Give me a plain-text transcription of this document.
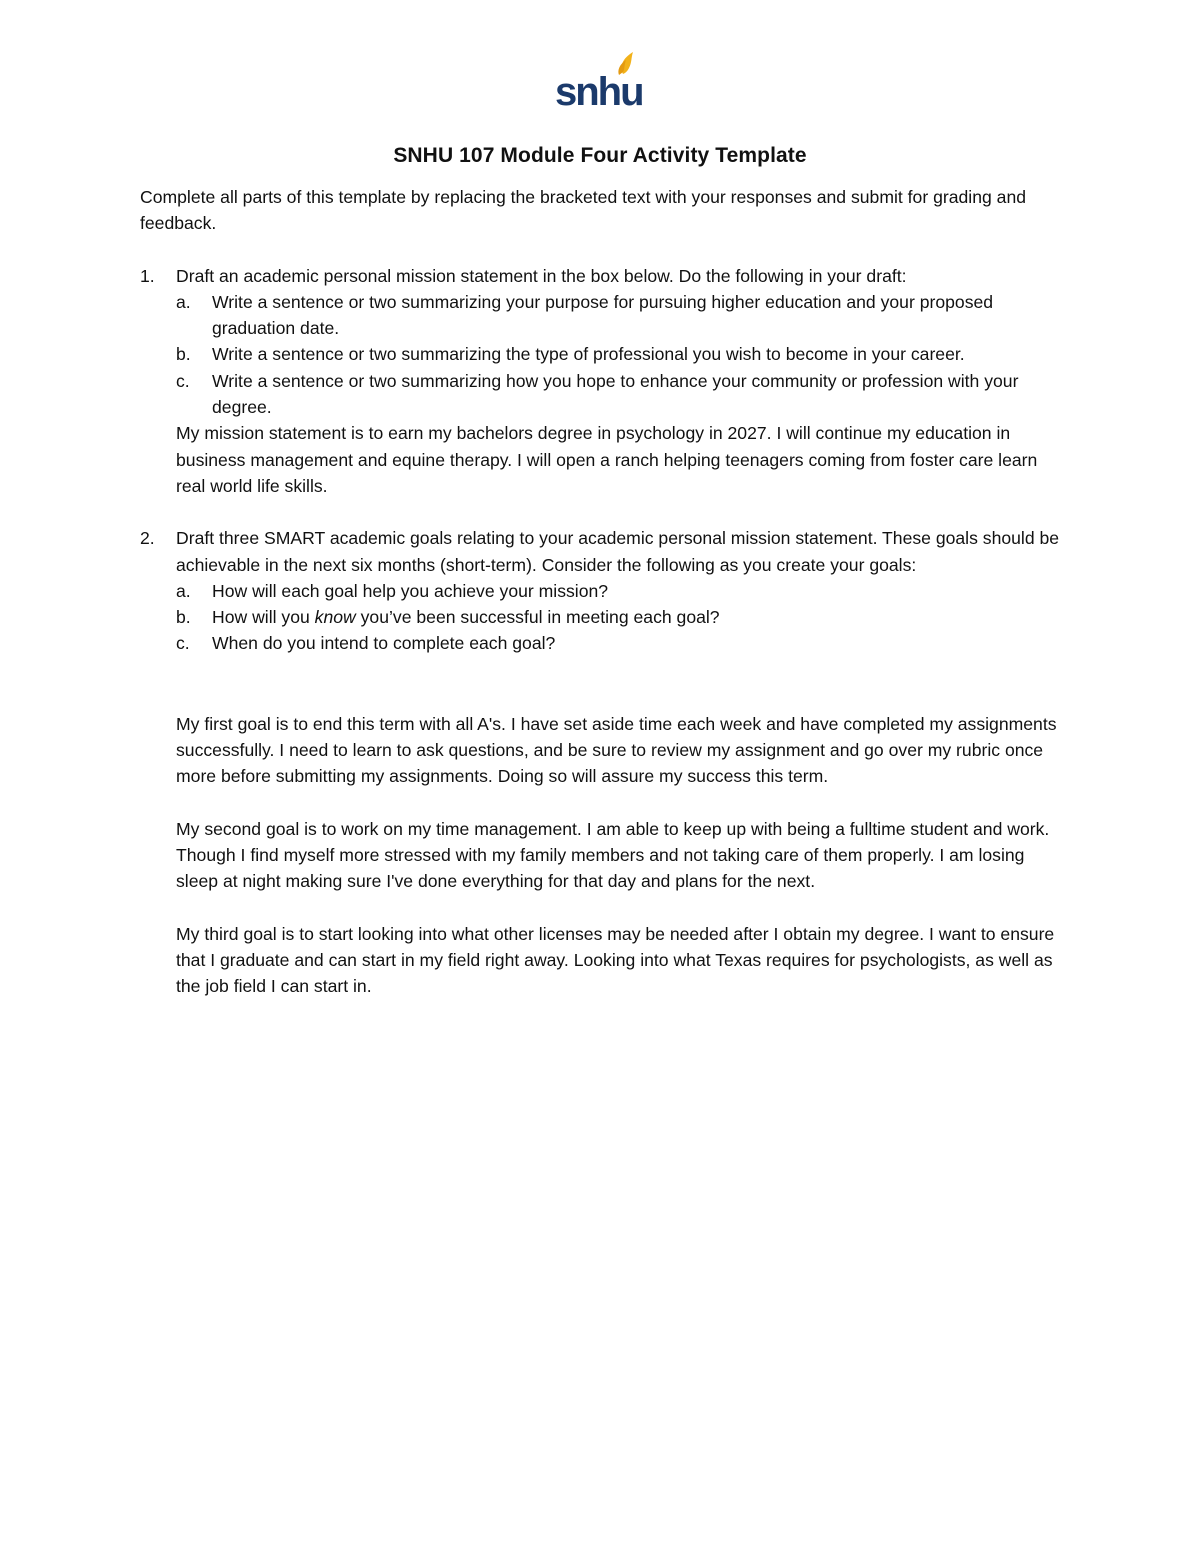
snhu
SNHU 107 Module Four Activity Template

Complete all parts of this template by replacing the bracketed text with your responses and submit for grading and feedback.

1. Draft an academic personal mission statement in the box below. Do the following in your draft:

a. Write a sentence or two summarizing your purpose for pursuing higher education and your proposed graduation date.
b. Write a sentence or two summarizing the type of professional you wish to become in your career.
c. Write a sentence or two summarizing how you hope to enhance your community or profession with your degree.

My mission statement is to earn my bachelors degree in psychology in 2027. I will continue my education in business management and equine therapy. I will open a ranch helping teenagers coming from foster care learn real world life skills.

2. Draft three SMART academic goals relating to your academic personal mission statement. These goals should be achievable in the next six months (short-term). Consider the following as you create your goals:

a. How will each goal help you achieve your mission?
b. How will you know you’ve been successful in meeting each goal?
c. When do you intend to complete each goal?

My first goal is to end this term with all A's. I have set aside time each week and have completed my assignments successfully. I need to learn to ask questions, and be sure to review my assignment and go over my rubric once more before submitting my assignments. Doing so will assure my success this term.

My second goal is to work on my time management. I am able to keep up with being a fulltime student and work. Though I find myself more stressed with my family members and not taking care of them properly. I am losing sleep at night making sure I've done everything for that day and plans for the next.

My third goal is to start looking into what other licenses may be needed after I obtain my degree. I want to ensure that I graduate and can start in my field right away. Looking into what Texas requires for psychologists, as well as the job field I can start in.
